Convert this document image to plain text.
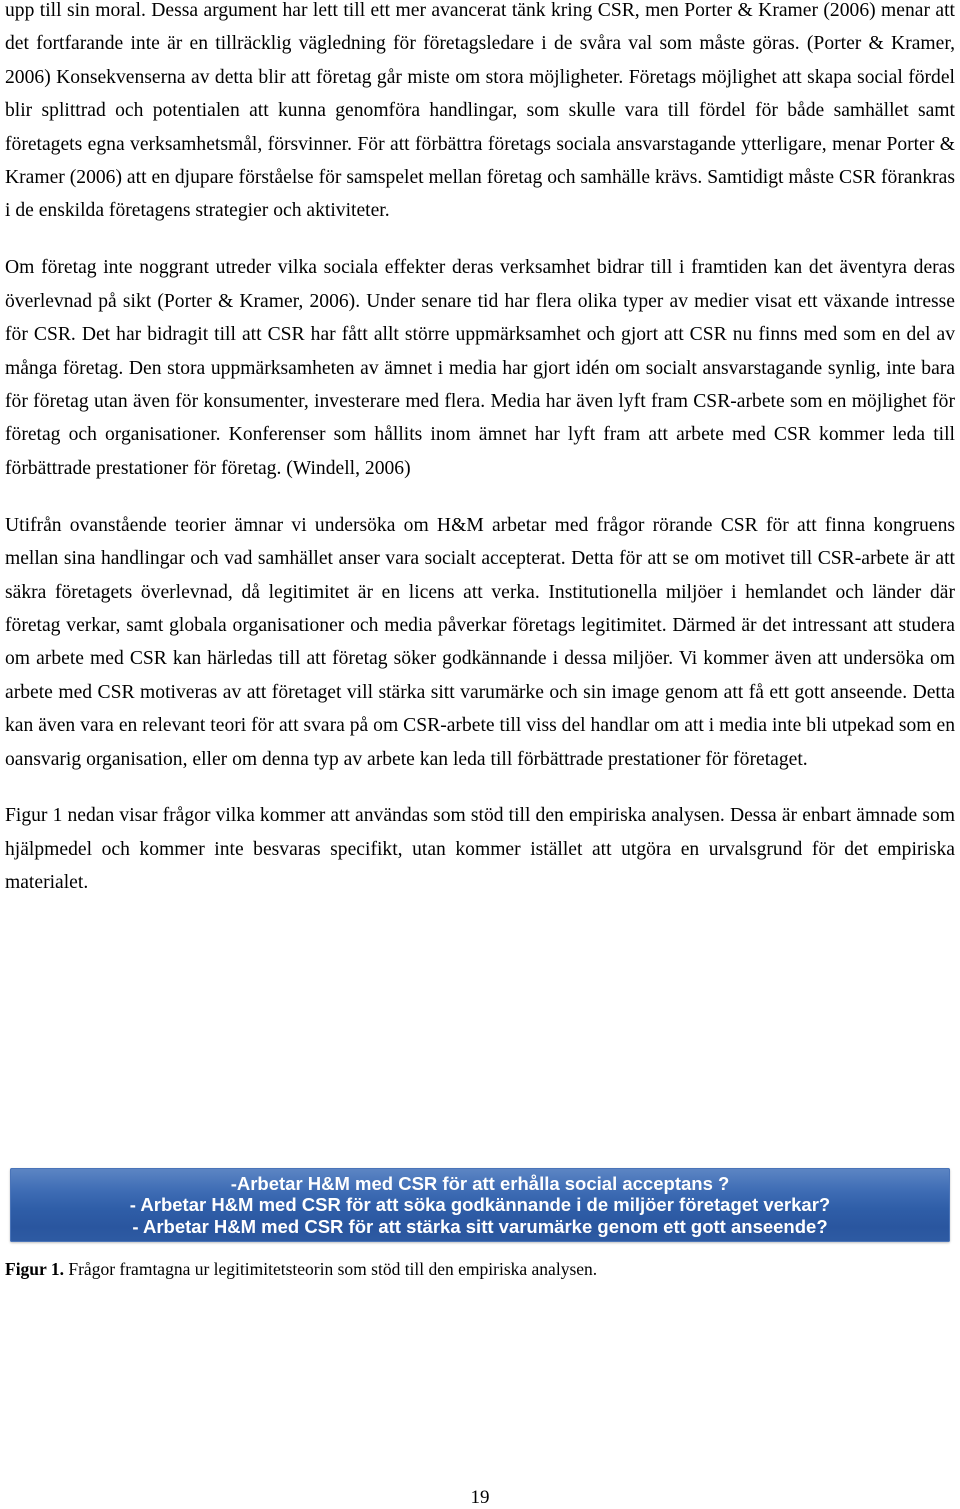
upp till sin moral. Dessa argument har lett till ett mer avancerat tänk kring CSR, men Porter & Kramer (2006) menar att det fortfarande inte är en tillräcklig vägledning för företagsledare i de svåra val som måste göras. (Porter & Kramer, 2006) Konsekvenserna av detta blir att företag går miste om stora möjligheter. Företags möjlighet att skapa social fördel blir splittrad och potentialen att kunna genomföra handlingar, som skulle vara till fördel för både samhället samt företagets egna verksamhetsmål, försvinner. För att förbättra företags sociala ansvarstagande ytterligare, menar Porter & Kramer (2006) att en djupare förståelse för samspelet mellan företag och samhälle krävs. Samtidigt måste CSR förankras i de enskilda företagens strategier och aktiviteter.

Om företag inte noggrant utreder vilka sociala effekter deras verksamhet bidrar till i framtiden kan det äventyra deras överlevnad på sikt (Porter & Kramer, 2006). Under senare tid har flera olika typer av medier visat ett växande intresse för CSR. Det har bidragit till att CSR har fått allt större uppmärksamhet och gjort att CSR nu finns med som en del av många företag. Den stora uppmärksamheten av ämnet i media har gjort idén om socialt ansvarstagande synlig, inte bara för företag utan även för konsumenter, investerare med flera. Media har även lyft fram CSR-arbete som en möjlighet för företag och organisationer. Konferenser som hållits inom ämnet har lyft fram att arbete med CSR kommer leda till förbättrade prestationer för företag. (Windell, 2006)

Utifrån ovanstående teorier ämnar vi undersöka om H&M arbetar med frågor rörande CSR för att finna kongruens mellan sina handlingar och vad samhället anser vara socialt accepterat. Detta för att se om motivet till CSR-arbete är att säkra företagets överlevnad, då legitimitet är en licens att verka. Institutionella miljöer i hemlandet och länder där företag verkar, samt globala organisationer och media påverkar företags legitimitet. Därmed är det intressant att studera om arbete med CSR kan härledas till att företag söker godkännande i dessa miljöer. Vi kommer även att undersöka om arbete med CSR motiveras av att företaget vill stärka sitt varumärke och sin image genom att få ett gott anseende. Detta kan även vara en relevant teori för att svara på om CSR-arbete till viss del handlar om att i media inte bli utpekad som en oansvarig organisation, eller om denna typ av arbete kan leda till förbättrade prestationer för företaget.

Figur 1 nedan visar frågor vilka kommer att användas som stöd till den empiriska analysen. Dessa är enbart ämnade som hjälpmedel och kommer inte besvaras specifikt, utan kommer istället att utgöra en urvalsgrund för det empiriska materialet.

-Arbetar H&M med CSR för att erhålla social acceptans ?
- Arbetar H&M med CSR för att söka godkännande i de miljöer företaget verkar?
- Arbetar H&M med CSR för att stärka sitt varumärke genom ett gott anseende?
Figur 1. Frågor framtagna ur legitimitetsteorin som stöd till den empiriska analysen.
19
